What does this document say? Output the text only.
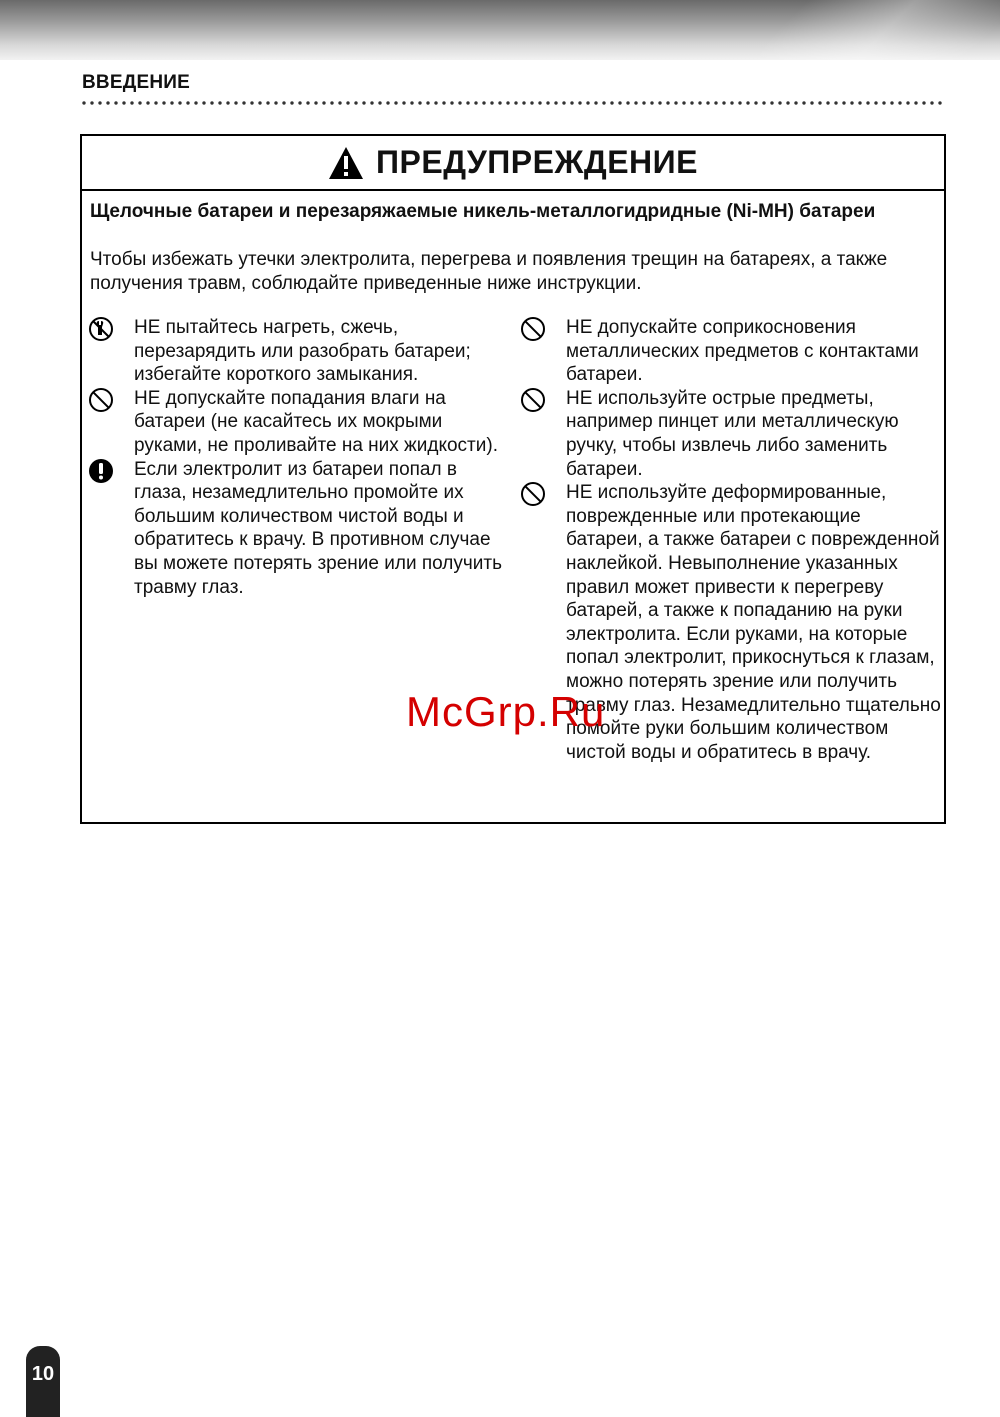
ВВЕДЕНИЕ
ПРЕДУПРЕЖДЕНИЕ
Щелочные батареи и перезаряжаемые никель-металлогидридные (Ni-MH) батареи
Чтобы избежать утечки электролита, перегрева и появления трещин на батареях, а также получения травм, соблюдайте приведенные ниже инструкции.
НЕ пытайтесь нагреть, сжечь, перезарядить или разобрать батареи; избегайте короткого замыкания.
НЕ допускайте попадания влаги на батареи (не касайтесь их мокрыми руками, не проливайте на них жидкости).
Если электролит из батареи попал в глаза, незамедлительно промойте их большим количеством чистой воды и обратитесь к врачу. В противном случае вы можете потерять зрение или получить травму глаз.
НЕ допускайте соприкосновения металлических предметов с контактами батареи.
НЕ используйте острые предметы, например пинцет или металлическую ручку, чтобы извлечь либо заменить батареи.
НЕ используйте деформированные, поврежденные или протекающие батареи, а также батареи с поврежденной наклейкой. Невыполнение указанных правил может привести к перегреву батарей, а также к попаданию на руки электролита. Если руками, на которые попал электролит, прикоснуться к глазам, можно потерять зрение или получить травму глаз. Незамедлительно тщательно помойте руки большим количеством чистой воды и обратитесь в врачу.
McGrp.Ru
10
